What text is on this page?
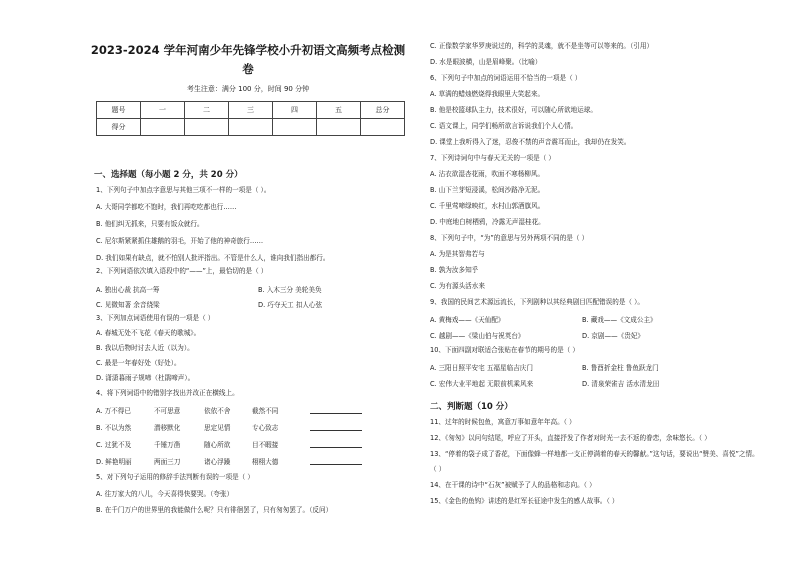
2023-2024 学年河南少年先锋学校小升初语文高频考点检测
卷
考生注意：满分 100 分，时间 90 分钟
题号	一	二	三	四	五	总分
得分						
一、选择题（每小题 2 分，共 20 分）
1、下列句子中加点字意思与其他三项不一样的一项是（ ）。
A. 大哥同学都吃不饱时，我们再吃吃都也行……
B. 他们纠无抓来，只要有饭众就行。
C. 尼尔斯紧紧抓住雄鹅的羽毛，开始了他的神奇旅行……
D. 我们如果有缺点，就不怕别人批评指出。不管是什么人，谁向我们指出都行。
2、下列词语依次填入语段中的“——”上，最恰切的是（ ）
A. 独出心裁 抗高一筹	B. 入木三分 美轮美奂
C. 见微知著 余音绕梁	D. 巧夺天工 扣人心弦
3、下列加点词语使用有误的一项是（ ）
A. 春城无处不飞花《春天的歌城》。
B. 我以后物时讨去人近（以为）。
C. 最是一年春好处（好处）。
D. 潇潇暮雨子规啼（杜鹃啼声）。
4、将下列词语中的错别字找出并改正在横线上。
A. 万不得已	不可思意	依依不舍	截然不同
B. 不以为然	潜移默化	思定见情	专心致志
C. 过犹不及	千锤万凿	随心所欲	目不暇接
D. 鲜艳明丽	两面三刀	诸心浮躁	栩栩大德
5、对下列句子运用的修辞手法判断有误的一项是（ ）
A. 往万家大的八儿，今天喜得快要哭。（夸张）
B. 在千门万户的世界里的我能做什么呢？只有徘徊罢了，只有匆匆罢了。（反问）
C. 正像数学家华罗庚说过的，科学的灵魂，就不是坐等可以等来的。（引用）
D. 水是眼波横，山是眉峰聚。（比喻）
6、下列句子中加点的词语运用不恰当的一项是（ ）
A. 草满的蜡烛燃烧得我眼里大笑起来。
B. 他是校篮球队主力，技术很好，可以随心所欲地运球。
C. 语文课上，同学们畅所欲言诉说我们个人心情。
D. 课堂上我听得入了迷，忍俊不禁的声音震耳而止，我却仍在发笑。
7、下列诗词句中与春天无关的一项是（ ）
A. 沾衣欲湿杏花雨，吹面不寒杨柳风。
B. 山下兰芽短浸溪，松间沙路净无泥。
C. 千里莺啼绿映红，水村山郭酒旗风。
D. 中庭地白树栖鸦，冷露无声湿桂花。
8、下列句子中，“为”的意思与另外两项不同的是（ ）
A. 为是其智弗若与
B. 孰为汝多知乎
C. 为有源头活水来
9、我国的民间艺术源远流长，下列剧种以其经典剧目匹配错误的是（ ）。
A. 黄梅戏——《天仙配》	B. 藏戏——《文成公主》
C. 越剧——《梁山伯与祝英台》	D. 京剧——《贵妃》
10、下面四副对联适合张贴在春节的期号的是（ ）
A. 三阳日照平安宅 五福星临吉庆门	B. 鲁酉折金柱 鲁鱼跃龙门
C. 宏伟大业平地起 无限前机乘风来	D. 清泉荣雀吉 活水清龙田
二、判断题（10 分）
11、过年的时候包鱼，寓意万事如意年年高。（ ）
12、《匆匆》以问句结尾，呼应了开头，直接抒发了作者对时光一去不返的眷恋，余味悠长。（ ）
13、“停着的袋子成了香花，下面像蜂一样地都一支正停满着的春天的馨献。”这句话，要说出“赞美、喜悦”之情。
（ ）
14、在干课的诗中“石灰”被赋予了人的品格和志向。（ ）
15、《金色的鱼钩》讲述的是红军长征途中发生的感人故事。（ ）
